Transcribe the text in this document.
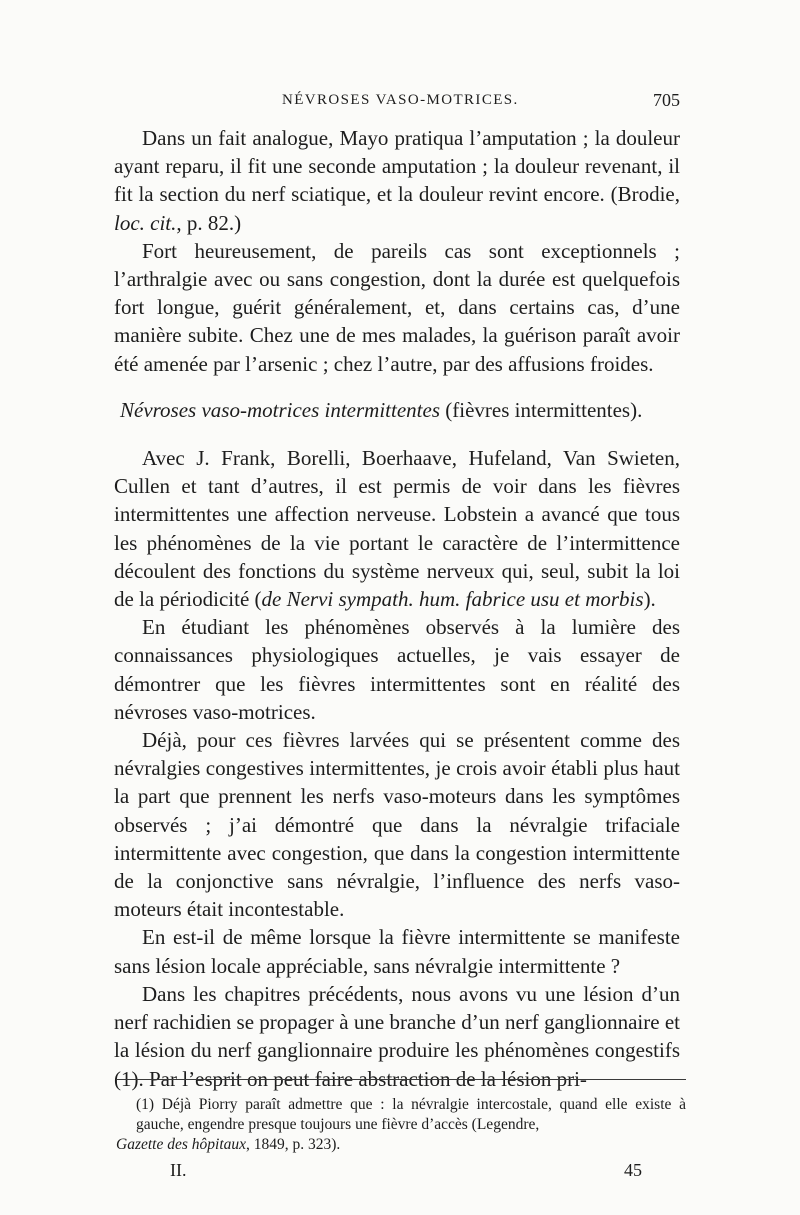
NÉVROSES VASO-MOTRICES.	705

Dans un fait analogue, Mayo pratiqua l’amputation ; la douleur ayant reparu, il fit une seconde amputation ; la douleur revenant, il fit la section du nerf sciatique, et la douleur revint encore. (Brodie, loc. cit., p. 82.)

Fort heureusement, de pareils cas sont exceptionnels ; l’arthralgie avec ou sans congestion, dont la durée est quelquefois fort longue, guérit généralement, et, dans certains cas, d’une manière subite. Chez une de mes malades, la guérison paraît avoir été amenée par l’arsenic ; chez l’autre, par des affusions froides.

Névroses vaso-motrices intermittentes (fièvres intermittentes).

Avec J. Frank, Borelli, Boerhaave, Hufeland, Van Swieten, Cullen et tant d’autres, il est permis de voir dans les fièvres intermittentes une affection nerveuse. Lobstein a avancé que tous les phénomènes de la vie portant le caractère de l’intermittence découlent des fonctions du système nerveux qui, seul, subit la loi de la périodicité (de Nervi sympath. hum. fabrice usu et morbis).

En étudiant les phénomènes observés à la lumière des connaissances physiologiques actuelles, je vais essayer de démontrer que les fièvres intermittentes sont en réalité des névroses vaso-motrices.

Déjà, pour ces fièvres larvées qui se présentent comme des névralgies congestives intermittentes, je crois avoir établi plus haut la part que prennent les nerfs vaso-moteurs dans les symptômes observés ; j’ai démontré que dans la névralgie trifaciale intermittente avec congestion, que dans la congestion intermittente de la conjonctive sans névralgie, l’influence des nerfs vaso-moteurs était incontestable.

En est-il de même lorsque la fièvre intermittente se manifeste sans lésion locale appréciable, sans névralgie intermittente ?

Dans les chapitres précédents, nous avons vu une lésion d’un nerf rachidien se propager à une branche d’un nerf ganglionnaire et la lésion du nerf ganglionnaire produire les phénomènes congestifs (1). Par l’esprit on peut faire abstraction de la lésion pri-

(1) Déjà Piorry paraît admettre que : la névralgie intercostale, quand elle existe à gauche, engendre presque toujours une fièvre d’accès (Legendre,Gazette des hôpitaux, 1849, p. 323).
II.	45
